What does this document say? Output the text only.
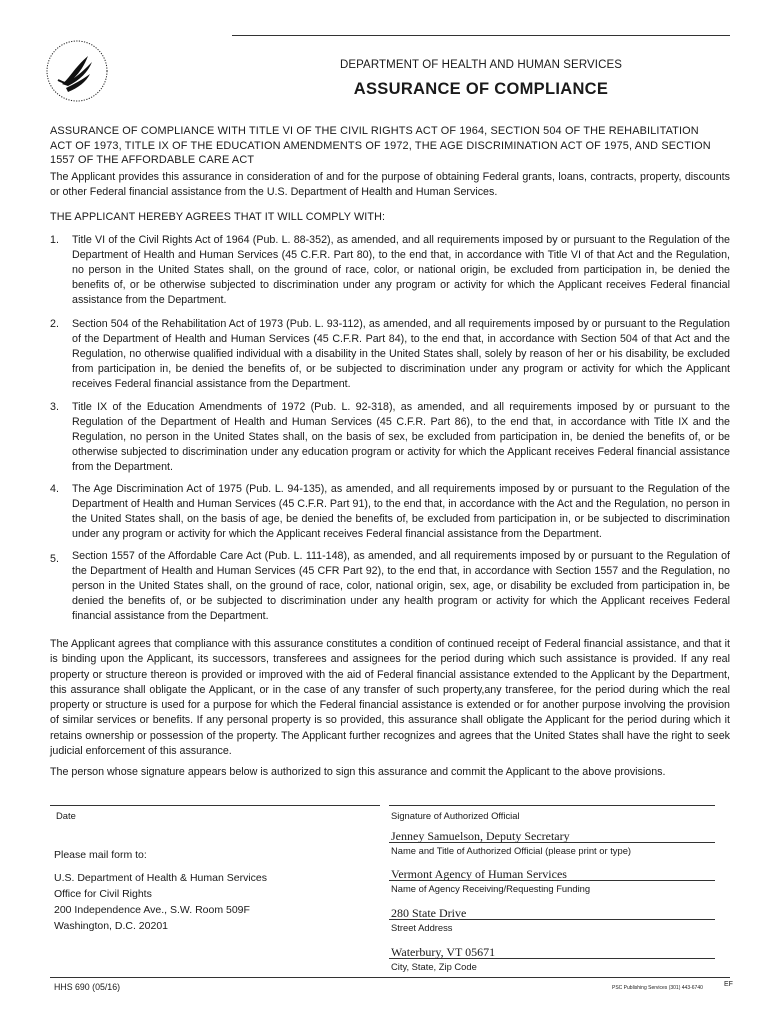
DEPARTMENT OF HEALTH AND HUMAN SERVICES
ASSURANCE OF COMPLIANCE
ASSURANCE OF COMPLIANCE WITH TITLE VI OF THE CIVIL RIGHTS ACT OF 1964, SECTION 504 OF THE REHABILITATION
ACT OF 1973, TITLE IX OF THE EDUCATION AMENDMENTS OF 1972, THE AGE DISCRIMINATION ACT OF 1975, AND SECTION
1557 OF THE AFFORDABLE CARE ACT
The Applicant provides this assurance in consideration of and for the purpose of obtaining Federal grants, loans, contracts, property, discounts or other Federal financial assistance from the U.S. Department of Health and Human Services.
THE APPLICANT HEREBY AGREES THAT IT WILL COMPLY WITH:
1. Title VI of the Civil Rights Act of 1964 (Pub. L. 88-352), as amended, and all requirements imposed by or pursuant to the Regulation of the Department of Health and Human Services (45 C.F.R. Part 80), to the end that, in accordance with Title VI of that Act and the Regulation, no person in the United States shall, on the ground of race, color, or national origin, be excluded from participation in, be denied the benefits of, or be otherwise subjected to discrimination under any program or activity for which the Applicant receives Federal financial assistance from the Department.
2. Section 504 of the Rehabilitation Act of 1973 (Pub. L. 93-112), as amended, and all requirements imposed by or pursuant to the Regulation of the Department of Health and Human Services (45 C.F.R. Part 84), to the end that, in accordance with Section 504 of that Act and the Regulation, no otherwise qualified individual with a disability in the United States shall, solely by reason of her or his disability, be excluded from participation in, be denied the benefits of, or be subjected to discrimination under any program or activity for which the Applicant receives Federal financial assistance from the Department.
3. Title IX of the Education Amendments of 1972 (Pub. L. 92-318), as amended, and all requirements imposed by or pursuant to the Regulation of the Department of Health and Human Services (45 C.F.R. Part 86), to the end that, in accordance with Title IX and the Regulation, no person in the United States shall, on the basis of sex, be excluded from participation in, be denied the benefits of, or be otherwise subjected to discrimination under any education program or activity for which the Applicant receives Federal financial assistance from the Department.
4. The Age Discrimination Act of 1975 (Pub. L. 94-135), as amended, and all requirements imposed by or pursuant to the Regulation of the Department of Health and Human Services (45 C.F.R. Part 91), to the end that, in accordance with the Act and the Regulation, no person in the United States shall, on the basis of age, be denied the benefits of, be excluded from participation in, or be subjected to discrimination under any program or activity for which the Applicant receives Federal financial assistance from the Department.
5. Section 1557 of the Affordable Care Act (Pub. L. 111-148), as amended, and all requirements imposed by or pursuant to the Regulation of the Department of Health and Human Services (45 CFR Part 92), to the end that, in accordance with Section 1557 and the Regulation, no person in the United States shall, on the ground of race, color, national origin, sex, age, or disability be excluded from participation in, be denied the benefits of, or be subjected to discrimination under any health program or activity for which the Applicant receives Federal financial assistance from the Department.
The Applicant agrees that compliance with this assurance constitutes a condition of continued receipt of Federal financial assistance, and that it is binding upon the Applicant, its successors, transferees and assignees for the period during which such assistance is provided. If any real property or structure thereon is provided or improved with the aid of Federal financial assistance extended to the Applicant by the Department, this assurance shall obligate the Applicant, or in the case of any transfer of such property,any transferee, for the period during which the real property or structure is used for a purpose for which the Federal financial assistance is extended or for another purpose involving the provision of similar services or benefits. If any personal property is so provided, this assurance shall obligate the Applicant for the period during which it retains ownership or possession of the property. The Applicant further recognizes and agrees that the United States shall have the right to seek judicial enforcement of this assurance.
The person whose signature appears below is authorized to sign this assurance and commit the Applicant to the above provisions.
Date	Signature of Authorized Official
Please mail form to:
U.S. Department of Health & Human Services
Office for Civil Rights
200 Independence Ave., S.W. Room 509F
Washington, D.C. 20201
Jenney Samuelson, Deputy Secretary
Name and Title of Authorized Official (please print or type)
Vermont Agency of Human Services
Name of Agency Receiving/Requesting Funding
280 State Drive
Street Address
Waterbury, VT 05671
City, State, Zip Code
HHS 690 (05/16)	PSC Publishing Services (301) 443-6740	EF
